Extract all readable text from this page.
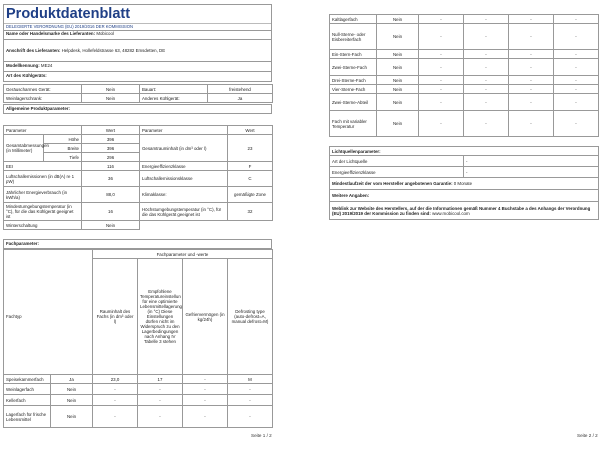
Produktdatenblatt
DELEGIERTE VERORDNUNG (EU) 2019/2016 DER KOMMISSION
Name oder Handelsmarke des Lieferanten: Mobicool
Anschrift des Lieferanten: Helpdesk, Hollefeldstrasse 63, 48282 Emsdetten, DE
Modellkennung: ME24
Art des Kühlgeräts:
Geräuscharmes Gerät:	Nein	Bauart:	freistehend
Weinlagerschrank:	Nein	Anderes Kühlgerät:	Ja
Allgemeine Produktparameter:
Parameter		Wert	Parameter	Wert
Gesamtabmessungen (in Millimeter)	Höhe	396	Gesamtrauminhalt (in dm³ oder l)	23
	Breite	396		
	Tiefe	296		
EEI		116	Energieeffizienzklasse	F
Luftschallemissionen (in dB(A) re 1 pW)		36	Luftschallemissionsklasse	C
Jährlicher Energieverbrauch (in kWh/a)		88,0	Klimaklasse:	gemäßigte Zone
Mindestumgebungstemperatur (in °C), für die das Kühlgerät geeignet ist		16	Höchstumgebungstemperatur (in °C), für die das Kühlgerät geeignet ist	32
Winterschaltung		Nein		
Fachparameter:
		Fachparameter und -werte			
Fachtyp		Rauminhalt des Fachs (in dm³ oder l)	Empfohlene Temperatureinstellun für eine optimierte Lebensmittellagerung (in °C) Diese Einstellungen dürfen nicht im Widerspruch zu den Lagerbedingungen nach Anhang IV Tabelle 3 stehen	Gefriervermögen (in kg/24h)	Defrosting type (auto-defrost=A, manual defrost=M)
Speisekammerfach	Ja	23,0	17	-	M
Weinlagerfach	Nein	-	-	-	-
Kellerfach	Nein	-	-	-	-
Lagerfach für frische Lebensmittel	Nein	-	-	-	-
Seite 1 / 2
Kaltlagerfach	Nein	-	-	-	-
Null-Sterne- oder Eisbereiterfach	Nein	-	-	-	-
Ein-Stern-Fach	Nein	-	-	-	-
Zwei-Sterne-Fach	Nein	-	-	-	-
Drei-Sterne-Fach	Nein	-	-	-	-
Vier-Sterne-Fach	Nein	-	-	-	-
Zwei-Sterne-Abteil	Nein	-	-	-	-
Fach mit variabler Temperatur	Nein	-	-	-	-
Lichtquellenparameter:	
Art der Lichtquelle	-
Energieeffizienzklasse	-
Mindestlaufzeit der vom Hersteller angebotenen Garantie: 0 Monate	
Weitere Angaben:	
Weblink zur Website des Herstellers, auf der die Informationen gemäß Nummer 4 Buchstabe a des Anhangs der Verordnung (EU) 2019/2019 der Kommission zu finden sind: www.mobicool.com	
Seite 2 / 2
